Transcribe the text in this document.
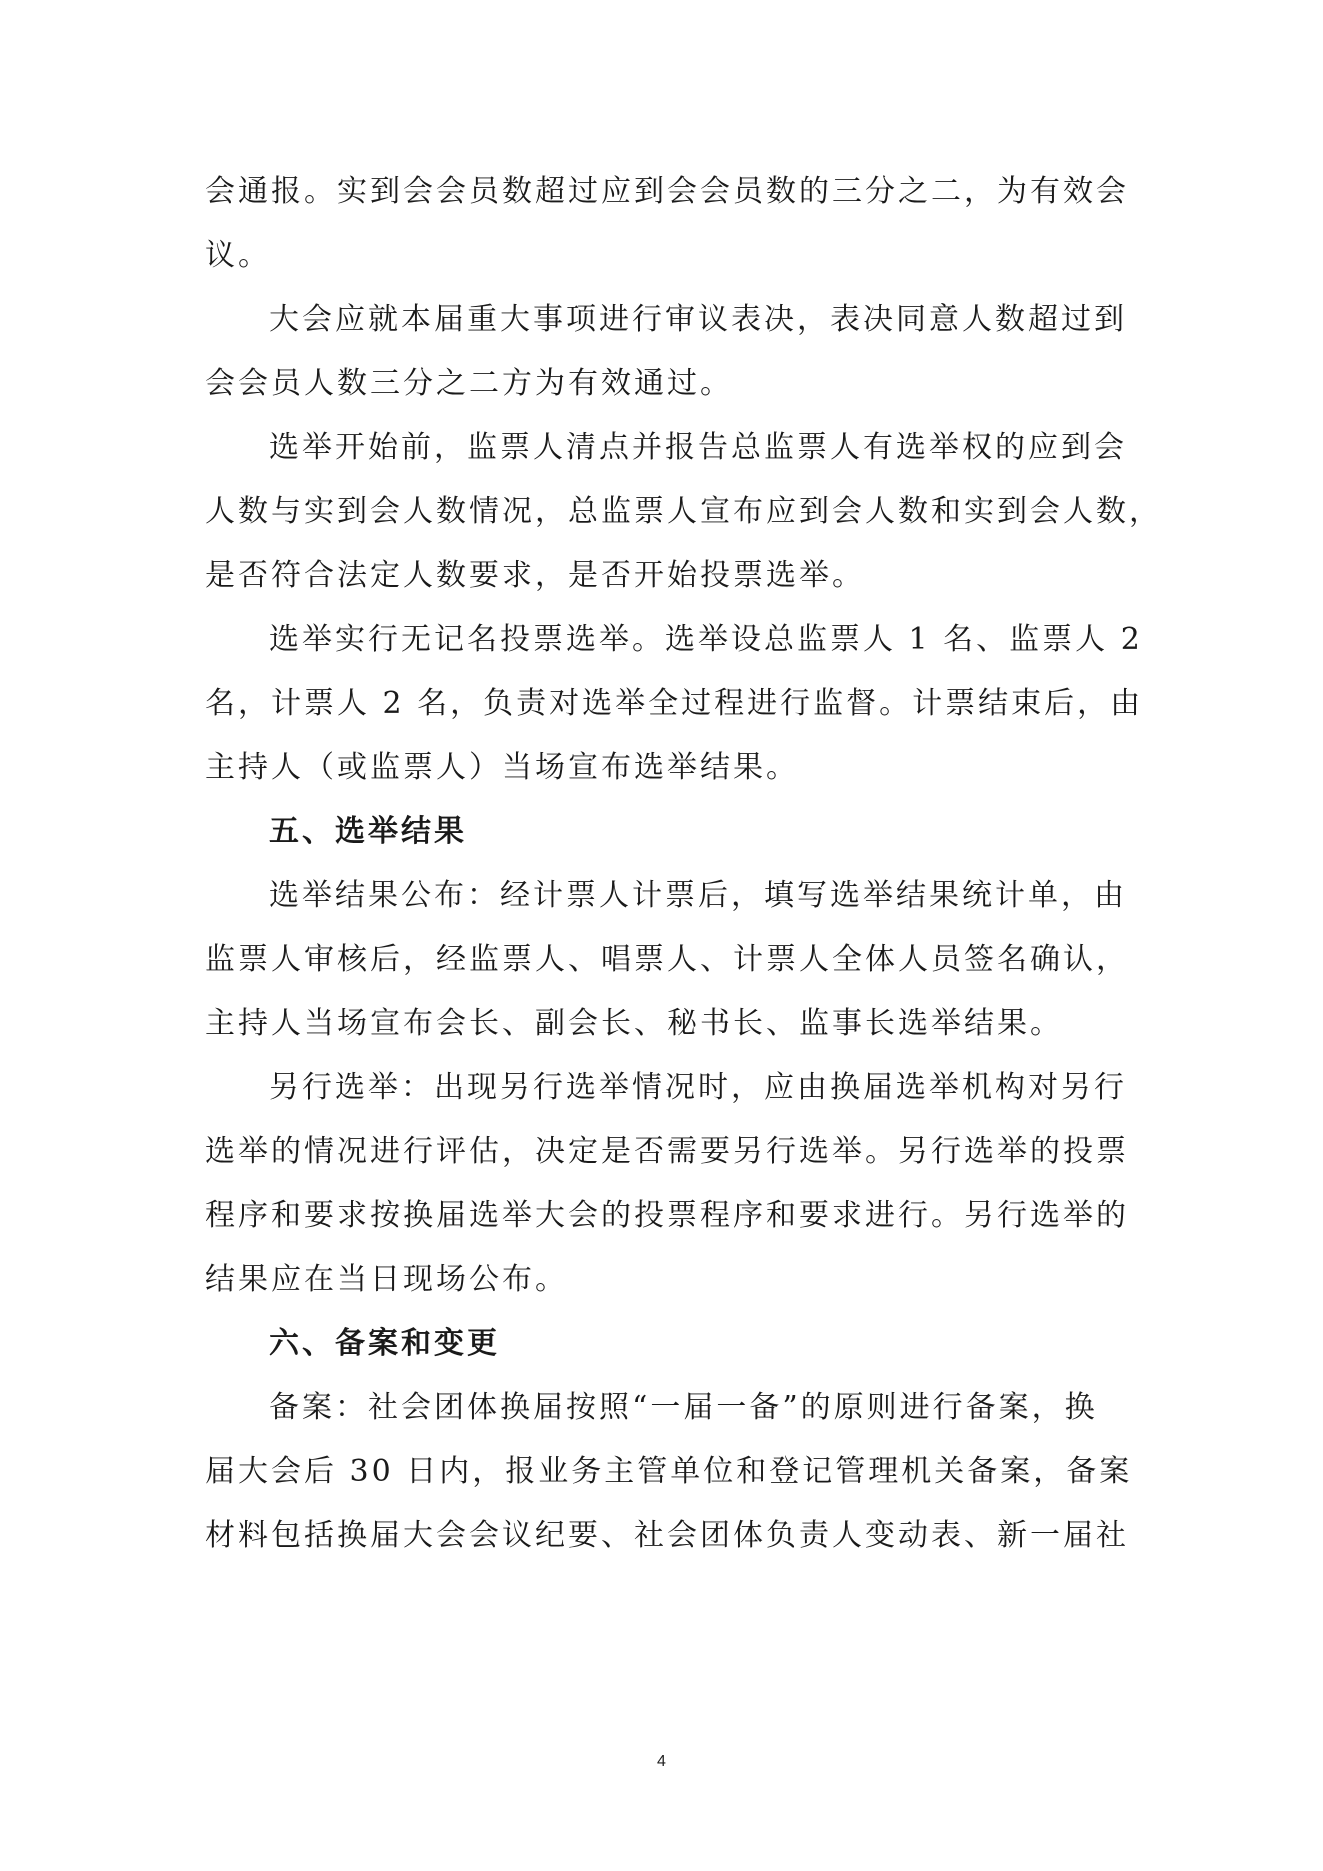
会通报。实到会会员数超过应到会会员数的三分之二，为有效会
议。
大会应就本届重大事项进行审议表决，表决同意人数超过到
会会员人数三分之二方为有效通过。
选举开始前，监票人清点并报告总监票人有选举权的应到会
人数与实到会人数情况，总监票人宣布应到会人数和实到会人数，
是否符合法定人数要求，是否开始投票选举。
选举实行无记名投票选举。选举设总监票人 1 名、监票人 2
名，计票人 2 名，负责对选举全过程进行监督。计票结束后，由
主持人（或监票人）当场宣布选举结果。
五、选举结果
选举结果公布：经计票人计票后，填写选举结果统计单，由
监票人审核后，经监票人、唱票人、计票人全体人员签名确认，
主持人当场宣布会长、副会长、秘书长、监事长选举结果。
另行选举：出现另行选举情况时，应由换届选举机构对另行
选举的情况进行评估，决定是否需要另行选举。另行选举的投票
程序和要求按换届选举大会的投票程序和要求进行。另行选举的
结果应在当日现场公布。
六、备案和变更
备案：社会团体换届按照“一届一备”的原则进行备案，换
届大会后 30 日内，报业务主管单位和登记管理机关备案，备案
材料包括换届大会会议纪要、社会团体负责人变动表、新一届社
4
